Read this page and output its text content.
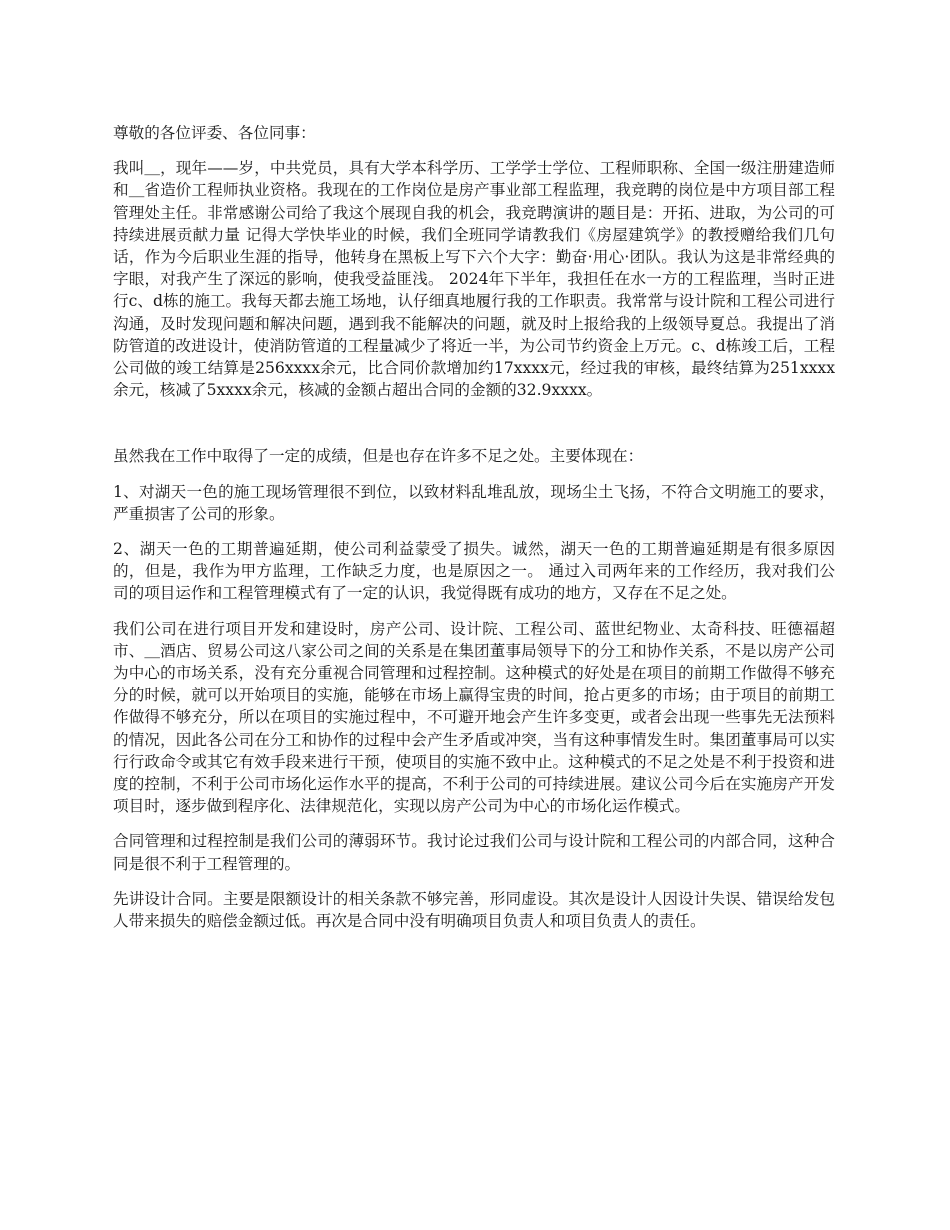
尊敬的各位评委、各位同事：

我叫＿，现年——岁，中共党员，具有大学本科学历、工学学士学位、工程师职称、全国一级注册建造师和＿省造价工程师执业资格。我现在的工作岗位是房产事业部工程监理，我竞聘的岗位是中方项目部工程管理处主任。非常感谢公司给了我这个展现自我的机会，我竞聘演讲的题目是：开拓、进取，为公司的可持续进展贡献力量 记得大学快毕业的时候，我们全班同学请教我们《房屋建筑学》的教授赠给我们几句话，作为今后职业生涯的指导，他转身在黑板上写下六个大字：勤奋·用心·团队。我认为这是非常经典的字眼，对我产生了深远的影响，使我受益匪浅。 2024年下半年，我担任在水一方的工程监理，当时正进行c、d栋的施工。我每天都去施工场地，认仔细真地履行我的工作职责。我常常与设计院和工程公司进行沟通，及时发现问题和解决问题，遇到我不能解决的问题，就及时上报给我的上级领导夏总。我提出了消防管道的改进设计，使消防管道的工程量减少了将近一半，为公司节约资金上万元。c、d栋竣工后，工程公司做的竣工结算是256xxxx余元，比合同价款增加约17xxxx元，经过我的审核，最终结算为251xxxx余元，核减了5xxxx余元，核减的金额占超出合同的金额的32.9xxxx。

虽然我在工作中取得了一定的成绩，但是也存在许多不足之处。主要体现在：

1、对湖天一色的施工现场管理很不到位，以致材料乱堆乱放，现场尘土飞扬，不符合文明施工的要求，严重损害了公司的形象。

2、湖天一色的工期普遍延期，使公司利益蒙受了损失。诚然，湖天一色的工期普遍延期是有很多原因的，但是，我作为甲方监理，工作缺乏力度，也是原因之一。 通过入司两年来的工作经历，我对我们公司的项目运作和工程管理模式有了一定的认识，我觉得既有成功的地方，又存在不足之处。

我们公司在进行项目开发和建设时，房产公司、设计院、工程公司、蓝世纪物业、太奇科技、旺德福超市、＿酒店、贸易公司这八家公司之间的关系是在集团董事局领导下的分工和协作关系，不是以房产公司为中心的市场关系，没有充分重视合同管理和过程控制。这种模式的好处是在项目的前期工作做得不够充分的时候，就可以开始项目的实施，能够在市场上赢得宝贵的时间，抢占更多的市场；由于项目的前期工作做得不够充分，所以在项目的实施过程中，不可避开地会产生许多变更，或者会出现一些事先无法预料的情况，因此各公司在分工和协作的过程中会产生矛盾或冲突，当有这种事情发生时。集团董事局可以实行行政命令或其它有效手段来进行干预，使项目的实施不致中止。这种模式的不足之处是不利于投资和进度的控制，不利于公司市场化运作水平的提高，不利于公司的可持续进展。建议公司今后在实施房产开发项目时，逐步做到程序化、法律规范化，实现以房产公司为中心的市场化运作模式。

合同管理和过程控制是我们公司的薄弱环节。我讨论过我们公司与设计院和工程公司的内部合同，这种合同是很不利于工程管理的。

先讲设计合同。主要是限额设计的相关条款不够完善，形同虚设。其次是设计人因设计失误、错误给发包人带来损失的赔偿金额过低。再次是合同中没有明确项目负责人和项目负责人的责任。
